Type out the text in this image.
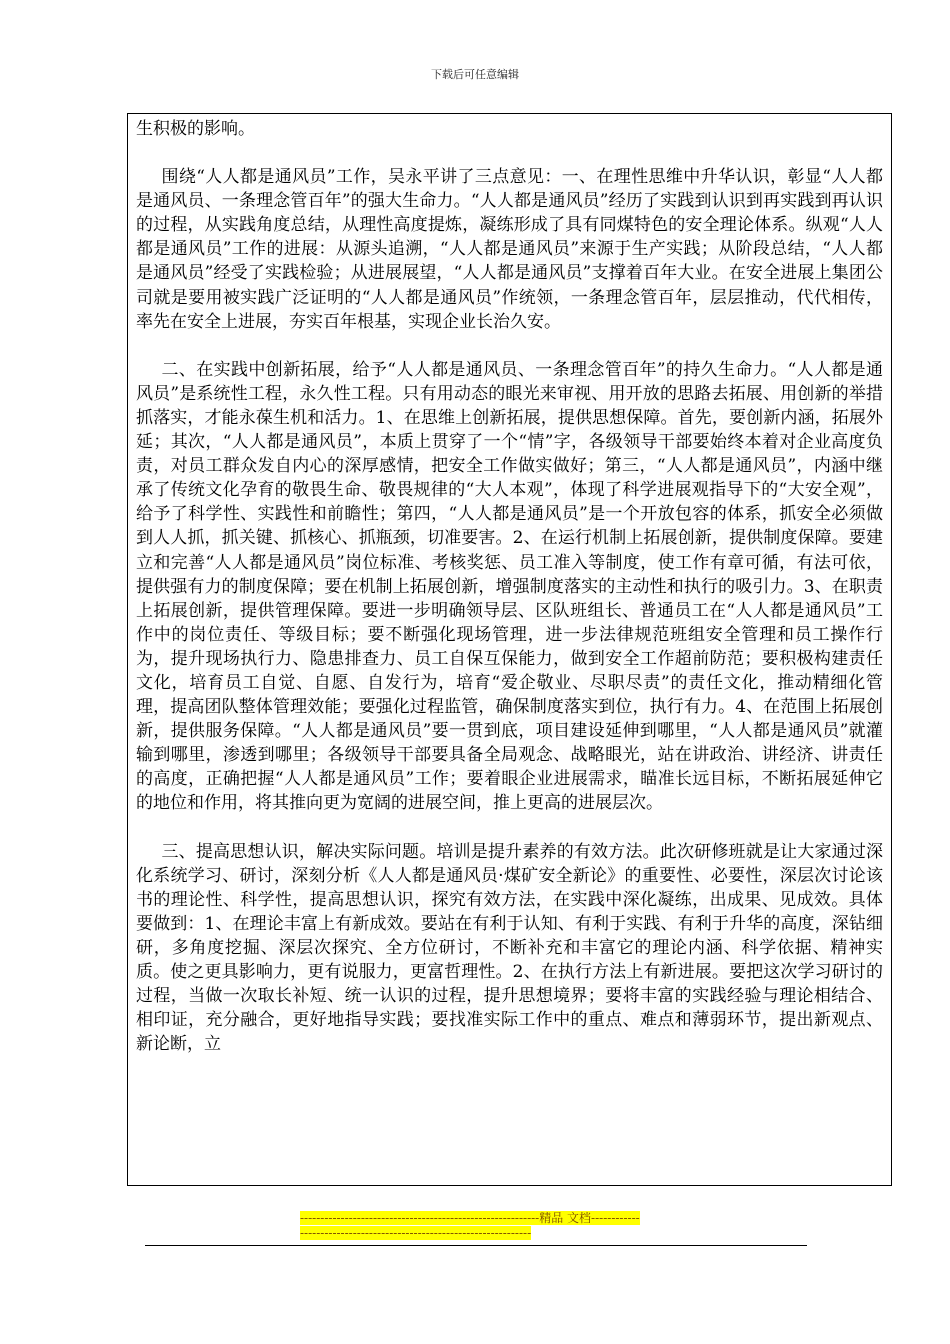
下载后可任意编辑

生积极的影响。

围绕“人人都是通风员”工作，吴永平讲了三点意见：一、在理性思维中升华认识，彰显“人人都是通风员、一条理念管百年”的强大生命力。“人人都是通风员”经历了实践到认识到再实践到再认识的过程，从实践角度总结，从理性高度提炼，凝练形成了具有同煤特色的安全理论体系。纵观“人人都是通风员”工作的进展：从源头追溯，“人人都是通风员”来源于生产实践；从阶段总结，“人人都是通风员”经受了实践检验；从进展展望，“人人都是通风员”支撑着百年大业。在安全进展上集团公司就是要用被实践广泛证明的“人人都是通风员”作统领，一条理念管百年，层层推动，代代相传，率先在安全上进展，夯实百年根基，实现企业长治久安。

二、在实践中创新拓展，给予“人人都是通风员、一条理念管百年”的持久生命力。“人人都是通风员”是系统性工程，永久性工程。只有用动态的眼光来审视、用开放的思路去拓展、用创新的举措抓落实，才能永葆生机和活力。1、在思维上创新拓展，提供思想保障。首先，要创新内涵，拓展外延；其次，“人人都是通风员”，本质上贯穿了一个“情”字，各级领导干部要始终本着对企业高度负责，对员工群众发自内心的深厚感情，把安全工作做实做好；第三，“人人都是通风员”，内涵中继承了传统文化孕育的敬畏生命、敬畏规律的“大人本观”，体现了科学进展观指导下的“大安全观”，给予了科学性、实践性和前瞻性；第四，“人人都是通风员”是一个开放包容的体系，抓安全必须做到人人抓，抓关键、抓核心、抓瓶颈，切准要害。2、在运行机制上拓展创新，提供制度保障。要建立和完善“人人都是通风员”岗位标准、考核奖惩、员工准入等制度，使工作有章可循，有法可依，提供强有力的制度保障；要在机制上拓展创新，增强制度落实的主动性和执行的吸引力。3、在职责上拓展创新，提供管理保障。要进一步明确领导层、区队班组长、普通员工在“人人都是通风员”工作中的岗位责任、等级目标；要不断强化现场管理，进一步法律规范班组安全管理和员工操作行为，提升现场执行力、隐患排查力、员工自保互保能力，做到安全工作超前防范；要积极构建责任文化，培育员工自觉、自愿、自发行为，培育“爱企敬业、尽职尽责”的责任文化，推动精细化管理，提高团队整体管理效能；要强化过程监管，确保制度落实到位，执行有力。4、在范围上拓展创新，提供服务保障。“人人都是通风员”要一贯到底，项目建设延伸到哪里，“人人都是通风员”就灌输到哪里，渗透到哪里；各级领导干部要具备全局观念、战略眼光，站在讲政治、讲经济、讲责任的高度，正确把握“人人都是通风员”工作；要着眼企业进展需求，瞄准长远目标，不断拓展延伸它的地位和作用，将其推向更为宽阔的进展空间，推上更高的进展层次。

三、提高思想认识，解决实际问题。培训是提升素养的有效方法。此次研修班就是让大家通过深化系统学习、研讨，深刻分析《人人都是通风员·煤矿安全新论》的重要性、必要性，深层次讨论该书的理论性、科学性，提高思想认识，探究有效方法，在实践中深化凝练，出成果、见成效。具体要做到：1、在理论丰富上有新成效。要站在有利于认知、有利于实践、有利于升华的高度，深钻细研，多角度挖掘、深层次探究、全方位研讨，不断补充和丰富它的理论内涵、科学依据、精神实质。使之更具影响力，更有说服力，更富哲理性。2、在执行方法上有新进展。要把这次学习研讨的过程，当做一次取长补短、统一认识的过程，提升思想境界；要将丰富的实践经验与理论相结合、相印证，充分融合，更好地指导实践；要找准实际工作中的重点、难点和薄弱环节，提出新观点、新论断，立

-----------------------------------------------------------精品 文档---------------------------------------------------------------------
